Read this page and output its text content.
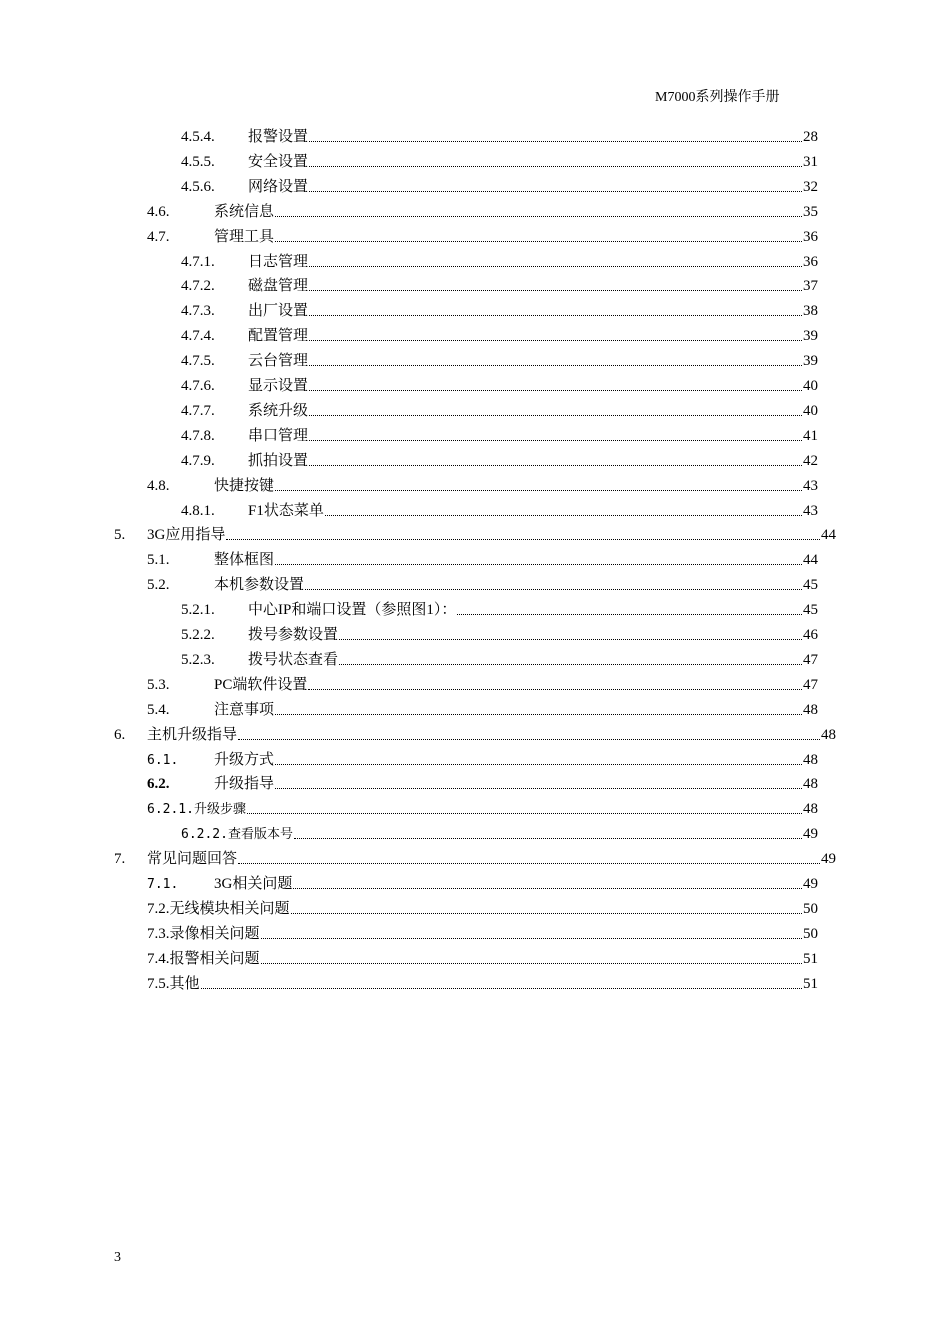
M7000系列操作手册
4.5.4.	报警设置	28
4.5.5.	安全设置	31
4.5.6.	网络设置	32
4.6.	系统信息	35
4.7.	管理工具	36
4.7.1.	日志管理	36
4.7.2.	磁盘管理	37
4.7.3.	出厂设置	38
4.7.4.	配置管理	39
4.7.5.	云台管理	39
4.7.6.	显示设置	40
4.7.7.	系统升级	40
4.7.8.	串口管理	41
4.7.9.	抓拍设置	42
4.8.	快捷按键	43
4.8.1.	F1状态菜单	43
5.	3G应用指导	44
5.1.	整体框图	44
5.2.	本机参数设置	45
5.2.1.	中心IP和端口设置（参照图1）：	45
5.2.2.	拨号参数设置	46
5.2.3.	拨号状态查看	47
5.3.	PC端软件设置	47
5.4.	注意事项	48
6.	主机升级指导	48
6.1.	升级方式	48
6.2.	升级指导	48
6.2.1.升级步骤	48
6.2.2.查看版本号	49
7.	常见问题回答	49
7.1.	3G相关问题	49
7.2.无线模块相关问题	50
7.3.录像相关问题	50
7.4.报警相关问题	51
7.5.其他	51
3
